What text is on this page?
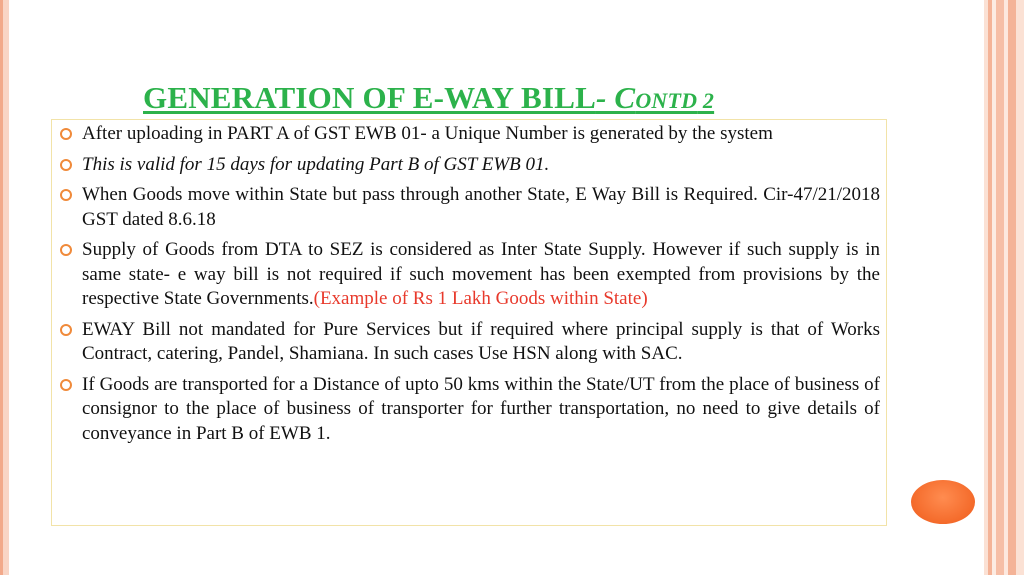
GENERATION OF E-WAY BILL- CONTD 2
After uploading in PART A of GST EWB 01- a Unique Number is generated by the system
This is valid for 15 days for updating Part B of GST EWB 01.
When Goods move within State but pass through another State, E Way Bill is Required. Cir-47/21/2018 GST dated 8.6.18
Supply of Goods from DTA to SEZ is considered as Inter State Supply. However if such supply is in same state- e way bill is not required if such movement has been exempted from provisions by the respective State Governments.(Example of Rs 1 Lakh Goods within State)
EWAY Bill not mandated for Pure Services but if required where principal supply is that of Works Contract, catering, Pandel, Shamiana. In such cases Use HSN along with SAC.
If Goods are transported for a Distance of upto 50 kms within the State/UT from the place of business of consignor to the place of business of transporter for further transportation, no need to give details of conveyance in Part B of EWB 1.
